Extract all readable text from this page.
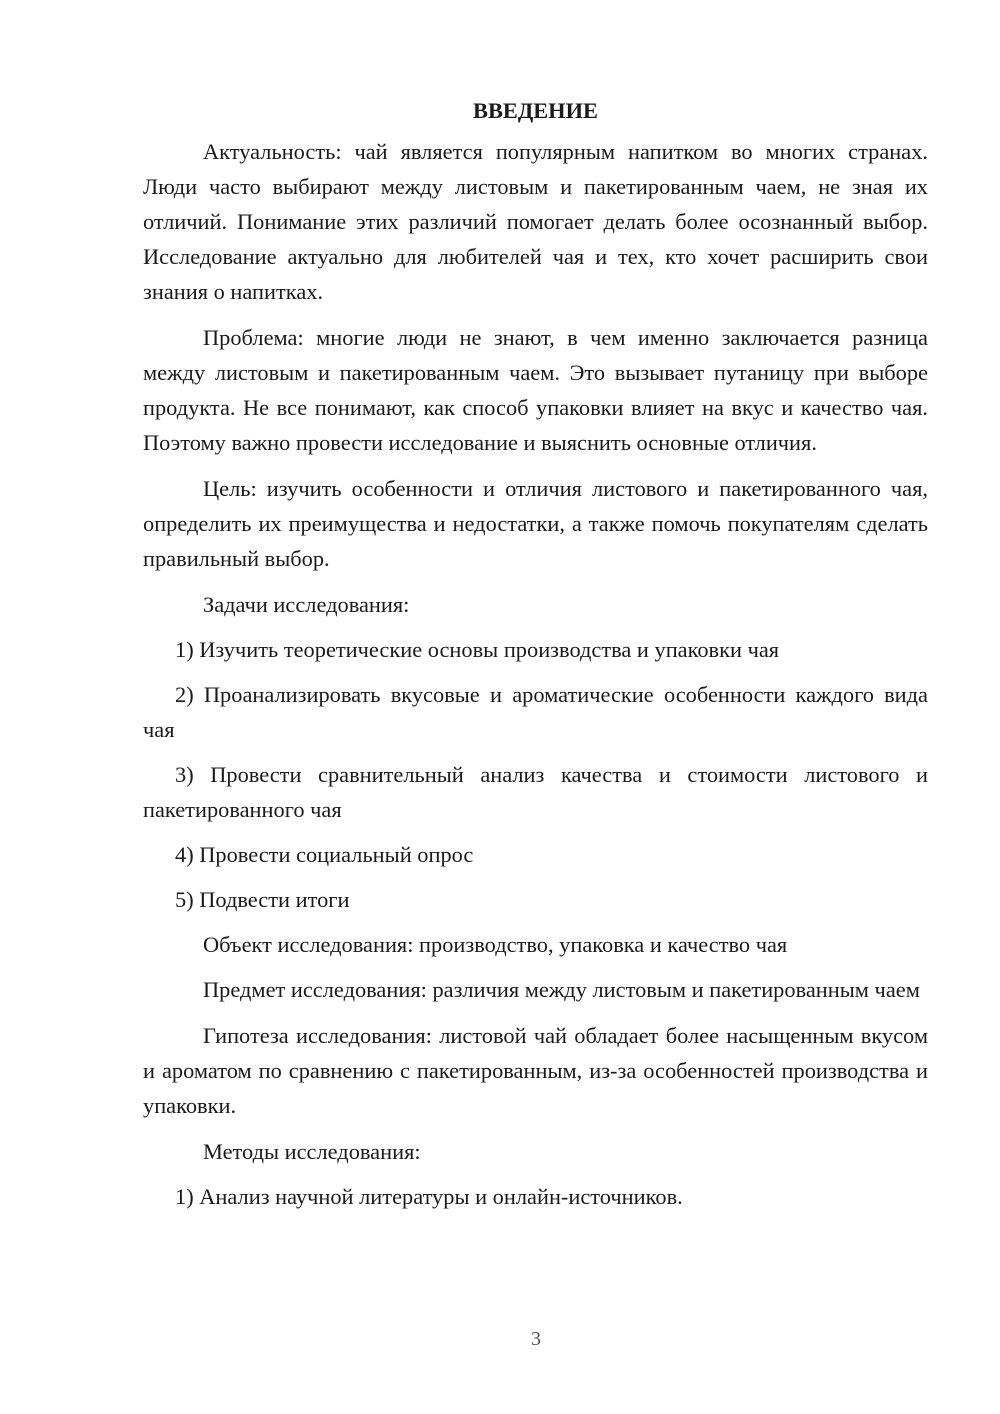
ВВЕДЕНИЕ

Актуальность: чай является популярным напитком во многих странах. Люди часто выбирают между листовым и пакетированным чаем, не зная их отличий. Понимание этих различий помогает делать более осознанный выбор. Исследование актуально для любителей чая и тех, кто хочет расширить свои знания о напитках.

Проблема: многие люди не знают, в чем именно заключается разница между листовым и пакетированным чаем. Это вызывает путаницу при выборе продукта. Не все понимают, как способ упаковки влияет на вкус и качество чая. Поэтому важно провести исследование и выяснить основные отличия.

Цель: изучить особенности и отличия листового и пакетированного чая, определить их преимущества и недостатки, а также помочь покупателям сделать правильный выбор.

Задачи исследования:

1) Изучить теоретические основы производства и упаковки чая

2) Проанализировать вкусовые и ароматические особенности каждого вида чая

3) Провести сравнительный анализ качества и стоимости листового и пакетированного чая

4) Провести социальный опрос

5) Подвести итоги

Объект исследования: производство, упаковка и качество чая

Предмет исследования: различия между листовым и пакетированным чаем

Гипотеза исследования: листовой чай обладает более насыщенным вкусом и ароматом по сравнению с пакетированным, из-за особенностей производства и упаковки.

Методы исследования:

1) Анализ научной литературы и онлайн-источников.

3
